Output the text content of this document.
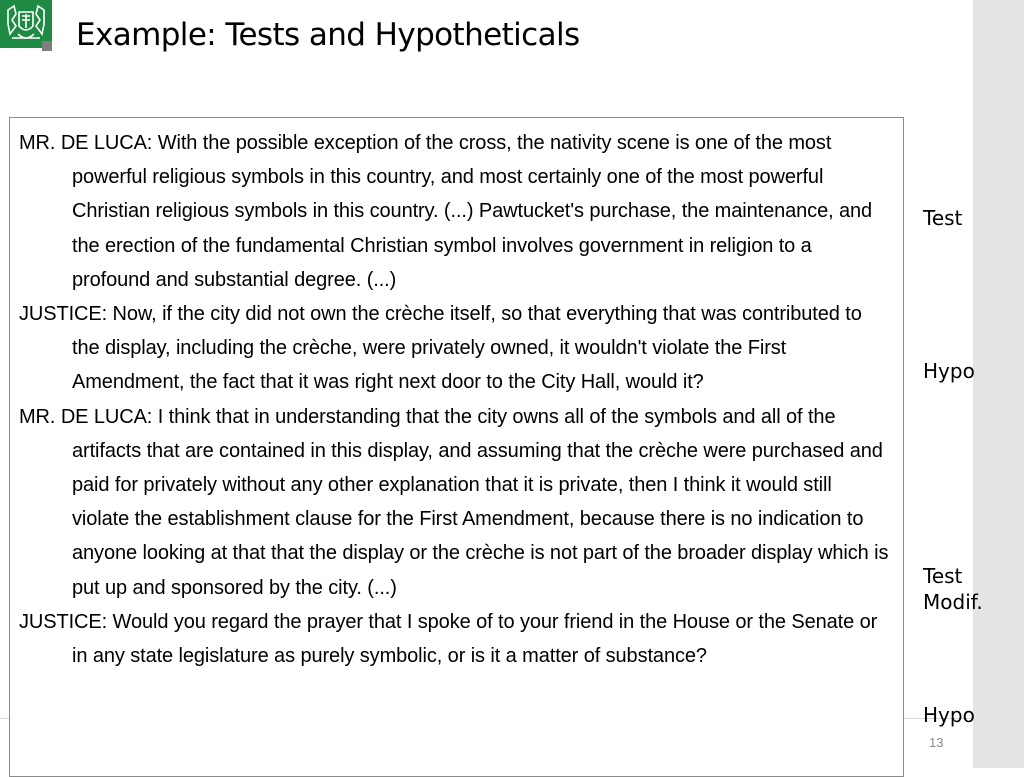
Example: Tests and Hypotheticals

MR. DE LUCA: With the possible exception of the cross, the nativity scene is one of the most powerful religious symbols in this country, and most certainly one of the most powerful Christian religious symbols in this country. (...) Pawtucket's purchase, the maintenance, and the erection of the fundamental Christian symbol involves government in religion to a profound and substantial degree. (...)

JUSTICE: Now, if the city did not own the crèche itself, so that everything that was contributed to the display, including the crèche, were privately owned, it wouldn't violate the First Amendment, the fact that it was right next door to the City Hall, would it?

MR. DE LUCA: I think that in understanding that the city owns all of the symbols and all of the artifacts that are contained in this display, and assuming that the crèche were purchased and paid for privately without any other explanation that it is private, then I think it would still violate the establishment clause for the First Amendment, because there is no indication to anyone looking at that that the display or the crèche is not part of the broader display which is put up and sponsored by the city. (...)

JUSTICE: Would you regard the prayer that I spoke of to your friend in the House or the Senate or in any state legislature as purely symbolic, or is it a matter of substance?

Test
Hypo
Test
Modif.
Hypo
13
